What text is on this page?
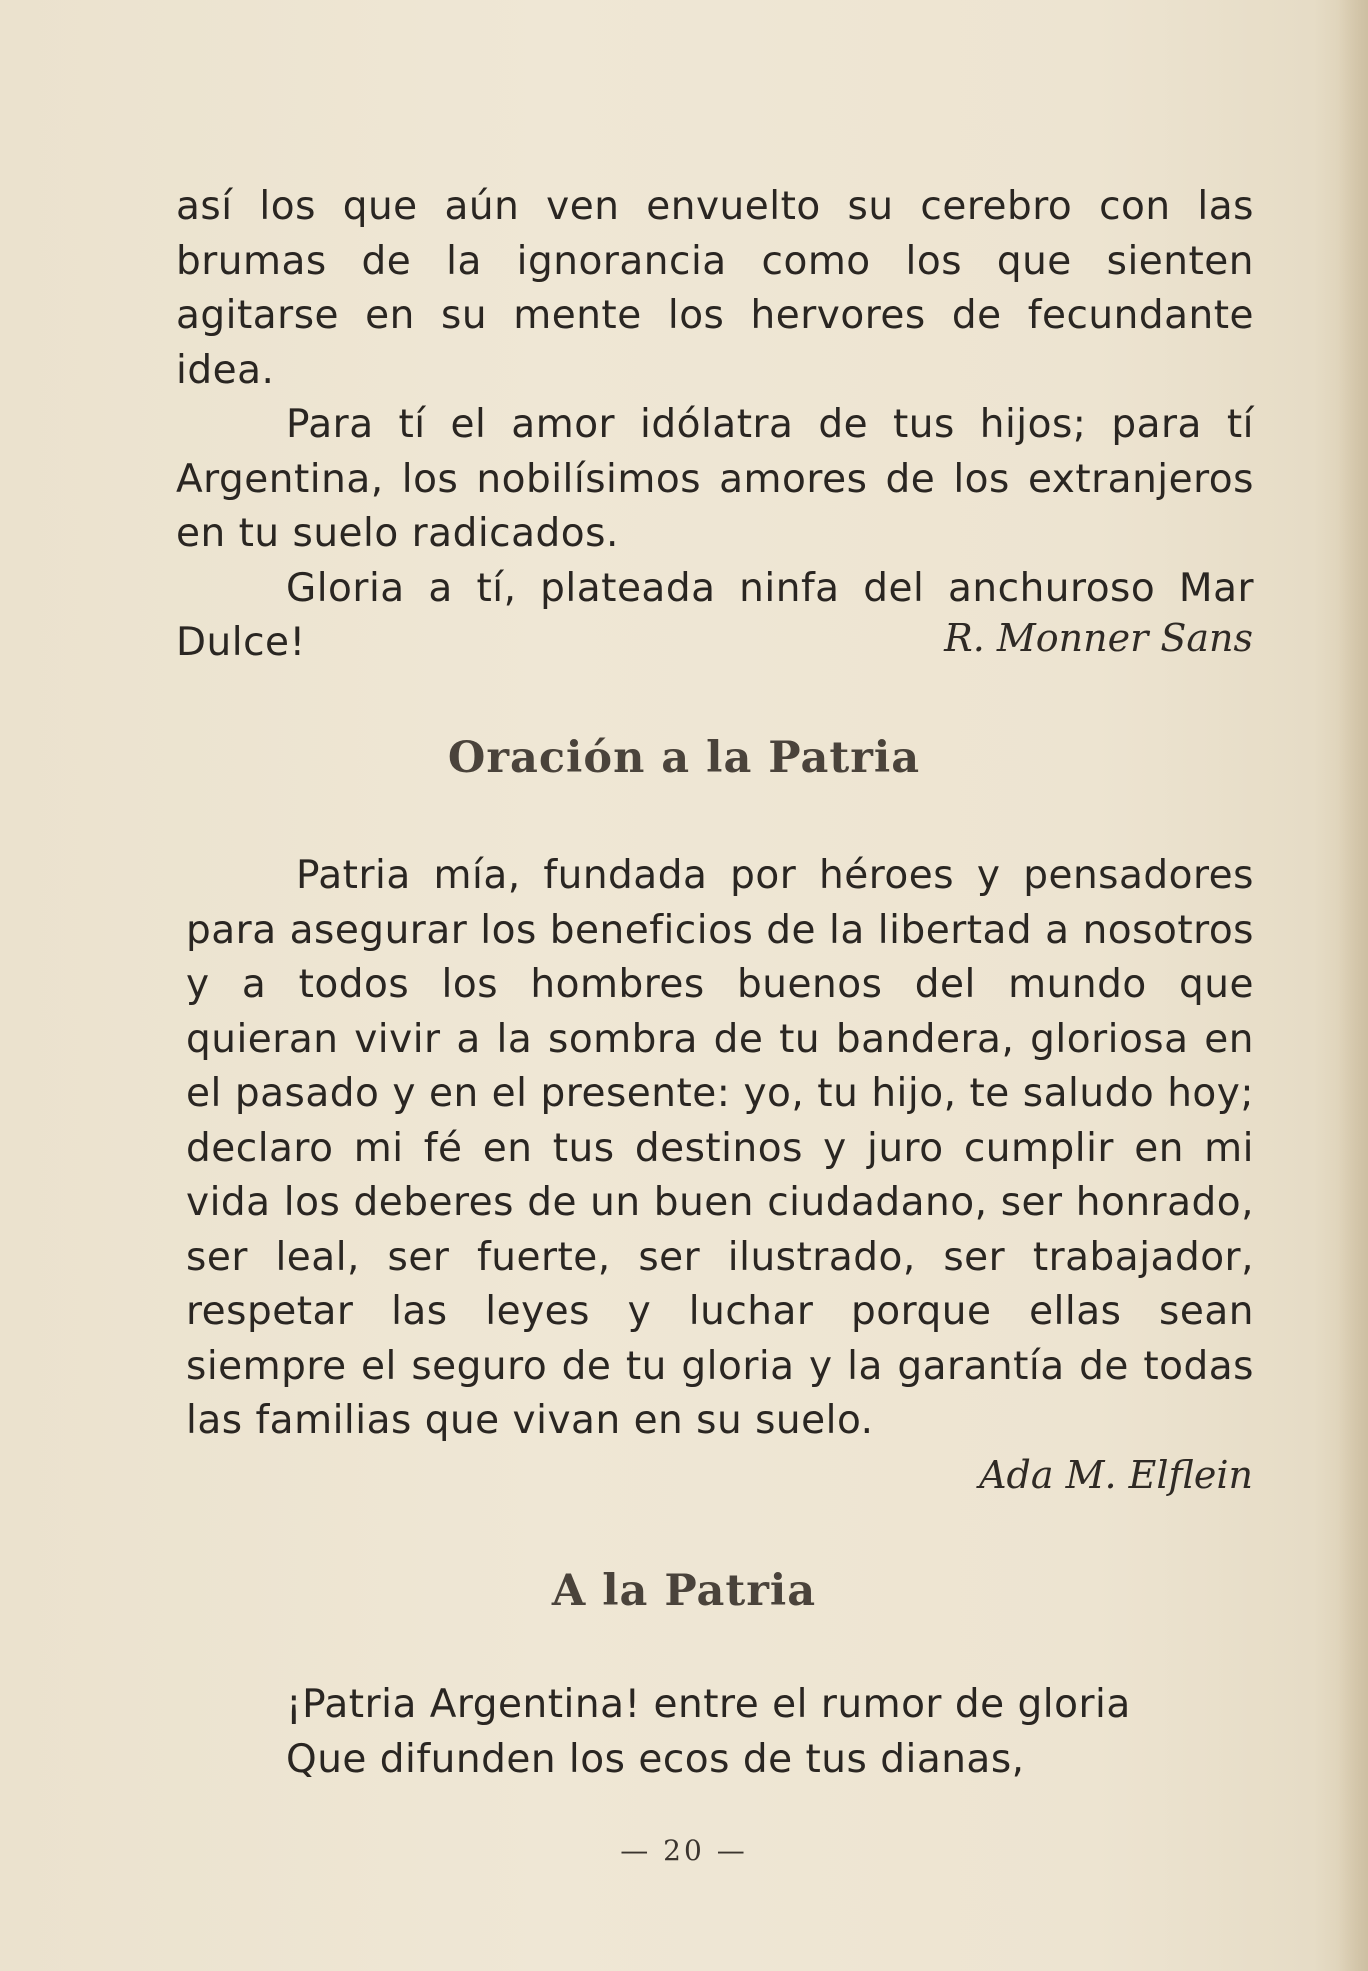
así los que aún ven envuelto su cerebro con las brumas de la ignorancia como los que sienten agitarse en su mente los hervores de fecundante idea.

Para tí el amor idólatra de tus hijos; para tí Argentina, los nobilísimos amores de los extranjeros en tu suelo radicados.

Gloria a tí, plateada ninfa del anchuroso Mar Dulce!	R. Monner Sans
Oración a la Patria

Patria mía, fundada por héroes y pensadores para asegurar los beneficios de la libertad a nosotros y a todos los hombres buenos del mundo que quieran vivir a la sombra de tu bandera, gloriosa en el pasado y en el presente: yo, tu hijo, te saludo hoy; declaro mi fé en tus destinos y juro cumplir en mi vida los deberes de un buen ciudadano, ser honrado, ser leal, ser fuerte, ser ilustrado, ser trabajador, respetar las leyes y luchar porque ellas sean siempre el seguro de tu gloria y la garantía de todas las familias que vivan en su suelo.

Ada M. Elflein
A la Patria

¡Patria Argentina! entre el rumor de gloria

Que difunden los ecos de tus dianas,

— 20 —
